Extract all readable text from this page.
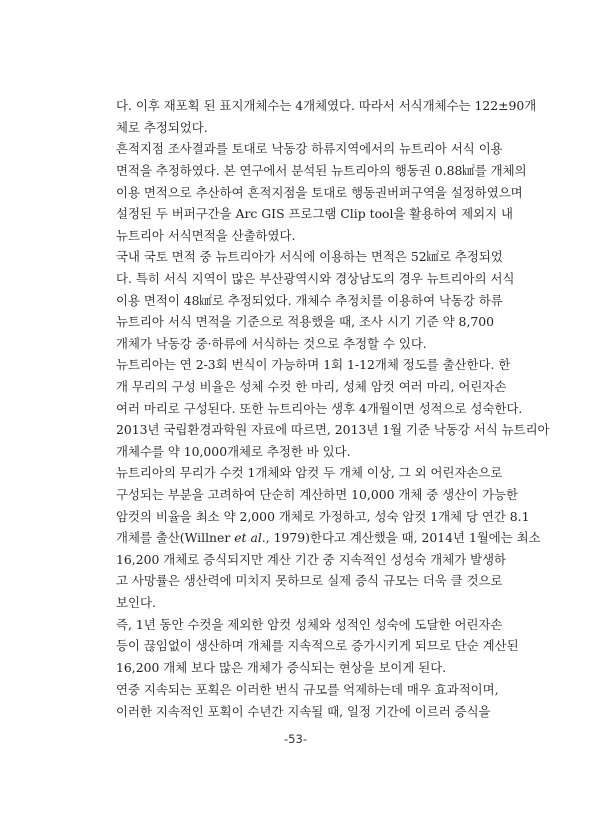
다. 이후 재포획 된 표지개체수는 4개체였다. 따라서 서식개체수는 122±90개
체로 추정되었다.
흔적지점 조사결과를 토대로 낙동강 하류지역에서의 뉴트리아 서식 이용
면적을 추정하였다. 본 연구에서 분석된 뉴트리아의 행동권 0.88㎢를 개체의
이용 면적으로 추산하여 흔적지점을 토대로 행동권버퍼구역을 설정하였으며
설정된 두 버퍼구간을 Arc GIS 프로그램 Clip tool을 활용하여 제외지 내
뉴트리아 서식면적을 산출하였다.
국내 국토 면적 중 뉴트리아가 서식에 이용하는 면적은 52㎢로 추정되었
다. 특히 서식 지역이 많은 부산광역시와 경상남도의 경우 뉴트리아의 서식
이용 면적이 48㎢로 추정되었다. 개체수 추정치를 이용하여 낙동강 하류
뉴트리아 서식 면적을 기준으로 적용했을 때, 조사 시기 기준 약 8,700
개체가 낙동강 중·하류에 서식하는 것으로 추정할 수 있다.
뉴트리아는 연 2-3회 번식이 가능하며 1회 1-12개체 정도를 출산한다. 한
개 무리의 구성 비율은 성체 수컷 한 마리, 성체 암컷 여러 마리, 어린자손
여러 마리로 구성된다. 또한 뉴트리아는 생후 4개월이면 성적으로 성숙한다.
2013년 국립환경과학원 자료에 따르면, 2013년 1월 기준 낙동강 서식 뉴트리아
개체수를 약 10,000개체로 추정한 바 있다.
뉴트리아의 무리가 수컷 1개체와 암컷 두 개체 이상, 그 외 어린자손으로
구성되는 부분을 고려하여 단순히 계산하면 10,000 개체 중 생산이 가능한
암컷의 비율을 최소 약 2,000 개체로 가정하고, 성숙 암컷 1개체 당 연간 8.1
개체를 출산(Willner et al., 1979)한다고 계산했을 때, 2014년 1월에는 최소
16,200 개체로 증식되지만 계산 기간 중 지속적인 성성숙 개체가 발생하
고 사망률은 생산력에 미치지 못하므로 실제 증식 규모는 더욱 클 것으로
보인다.
즉, 1년 동안 수컷을 제외한 암컷 성체와 성적인 성숙에 도달한 어린자손
등이 끊임없이 생산하며 개체를 지속적으로 증가시키게 되므로 단순 계산된
16,200 개체 보다 많은 개체가 증식되는 현상을 보이게 된다.
연중 지속되는 포획은 이러한 번식 규모를 억제하는데 매우 효과적이며,
이러한 지속적인 포획이 수년간 지속될 때, 일정 기간에 이르러 증식을
-53-
